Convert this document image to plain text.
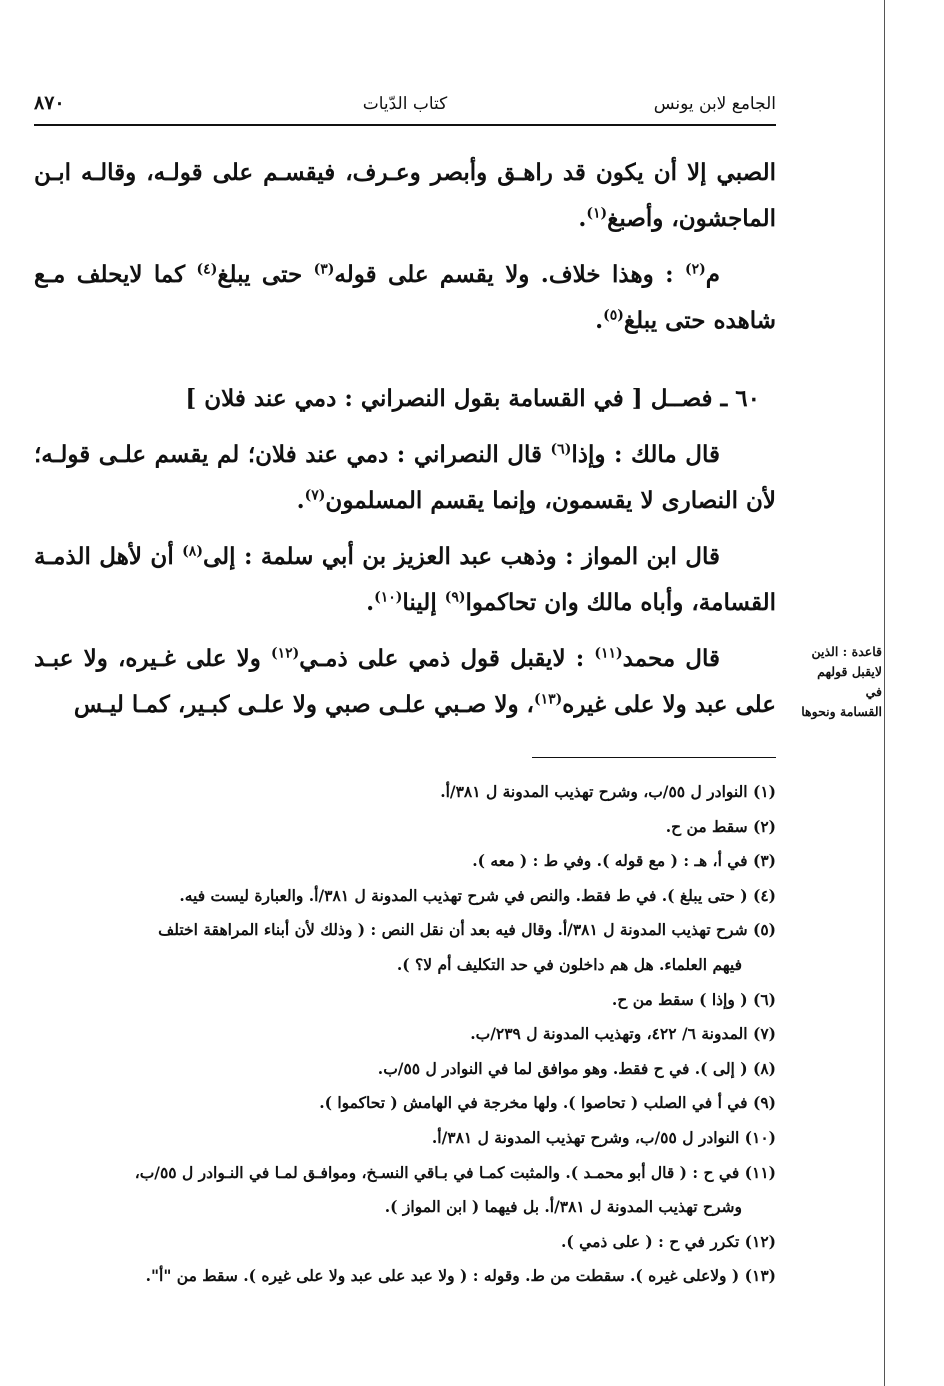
الجامع لابن يونس
كتاب الدّيات
٨٧٠

الصبي إلا أن يكون قد راهـق وأبصر وعـرف، فيقسـم على قولـه، وقالـه ابـن الماجشون، وأصبغ$^{(١)}$.

م$^{(٢)}$ : وهذا خلاف. ولا يقسم على قوله$^{(٣)}$ حتى يبلغ$^{(٤)}$ كما لايحلف مـع شاهده حتى يبلغ$^{(٥)}$.

٦٠ ـ فصــل [ في القسامة بقول النصراني : دمي عند فلان ]

قال مالك : وإذا$^{(٦)}$ قال النصراني : دمي عند فلان؛ لم يقسم علـى قولـه؛ لأن النصارى لا يقسمون، وإنما يقسم المسلمون$^{(٧)}$.

قال ابن المواز : وذهب عبد العزيز بن أبي سلمة : إلى$^{(٨)}$ أن لأهل الذمـة القسامة، وأباه مالك وان تحاكموا$^{(٩)}$ إلينا$^{(١٠)}$.

قال محمد$^{(١١)}$ : لايقبل قول ذمي على ذمـي$^{(١٢)}$ ولا على غـيره، ولا عبـد على عبد ولا على غيره$^{(١٣)}$، ولا صـبي علـى صبي ولا علـى كبـير، كمـا ليـس

قاعدة : الذين
لايقبل قولهم في
القسامة ونحوها

(١) النوادر ل ٥٥/ب، وشرح تهذيب المدونة ل ٣٨١/أ.

(٢) سقط من ح.

(٣) في أ، هـ : ( مع قوله ). وفي ط : ( معه ).

(٤) ( حتى يبلغ ). في ط فقط. والنص في شرح تهذيب المدونة ل ٣٨١/أ. والعبارة ليست فيه.

(٥) شرح تهذيب المدونة ل ٣٨١/أ. وقال فيه بعد أن نقل النص : ( وذلك لأن أبناء المراهقة اختلف

فيهم العلماء. هل هم داخلون في حد التكليف أم لا؟ ).

(٦) ( وإذا ) سقط من ح.

(٧) المدونة ٦/ ٤٢٢، وتهذيب المدونة ل ٢٣٩/ب.

(٨) ( إلى ). في ح فقط. وهو موافق لما في النوادر ل ٥٥/ب.

(٩) في أ في الصلب ( تحاصوا ). ولها مخرجة في الهامش ( تحاكموا ).

(١٠) النوادر ل ٥٥/ب، وشرح تهذيب المدونة ل ٣٨١/أ.

(١١) في ح : ( قال أبو محمـد ). والمثبت كمـا في بـاقي النسـخ، وموافـق لمـا في النـوادر ل ٥٥/ب،

وشرح تهذيب المدونة ل ٣٨١/أ. بل فيهما ( ابن المواز ).

(١٢) تكرر في ح : ( على ذمي ).

(١٣) ( ولاعلى غيره ). سقطت من ط. وقوله : ( ولا عبد على عبد ولا على غيره ). سقط من "أ".
